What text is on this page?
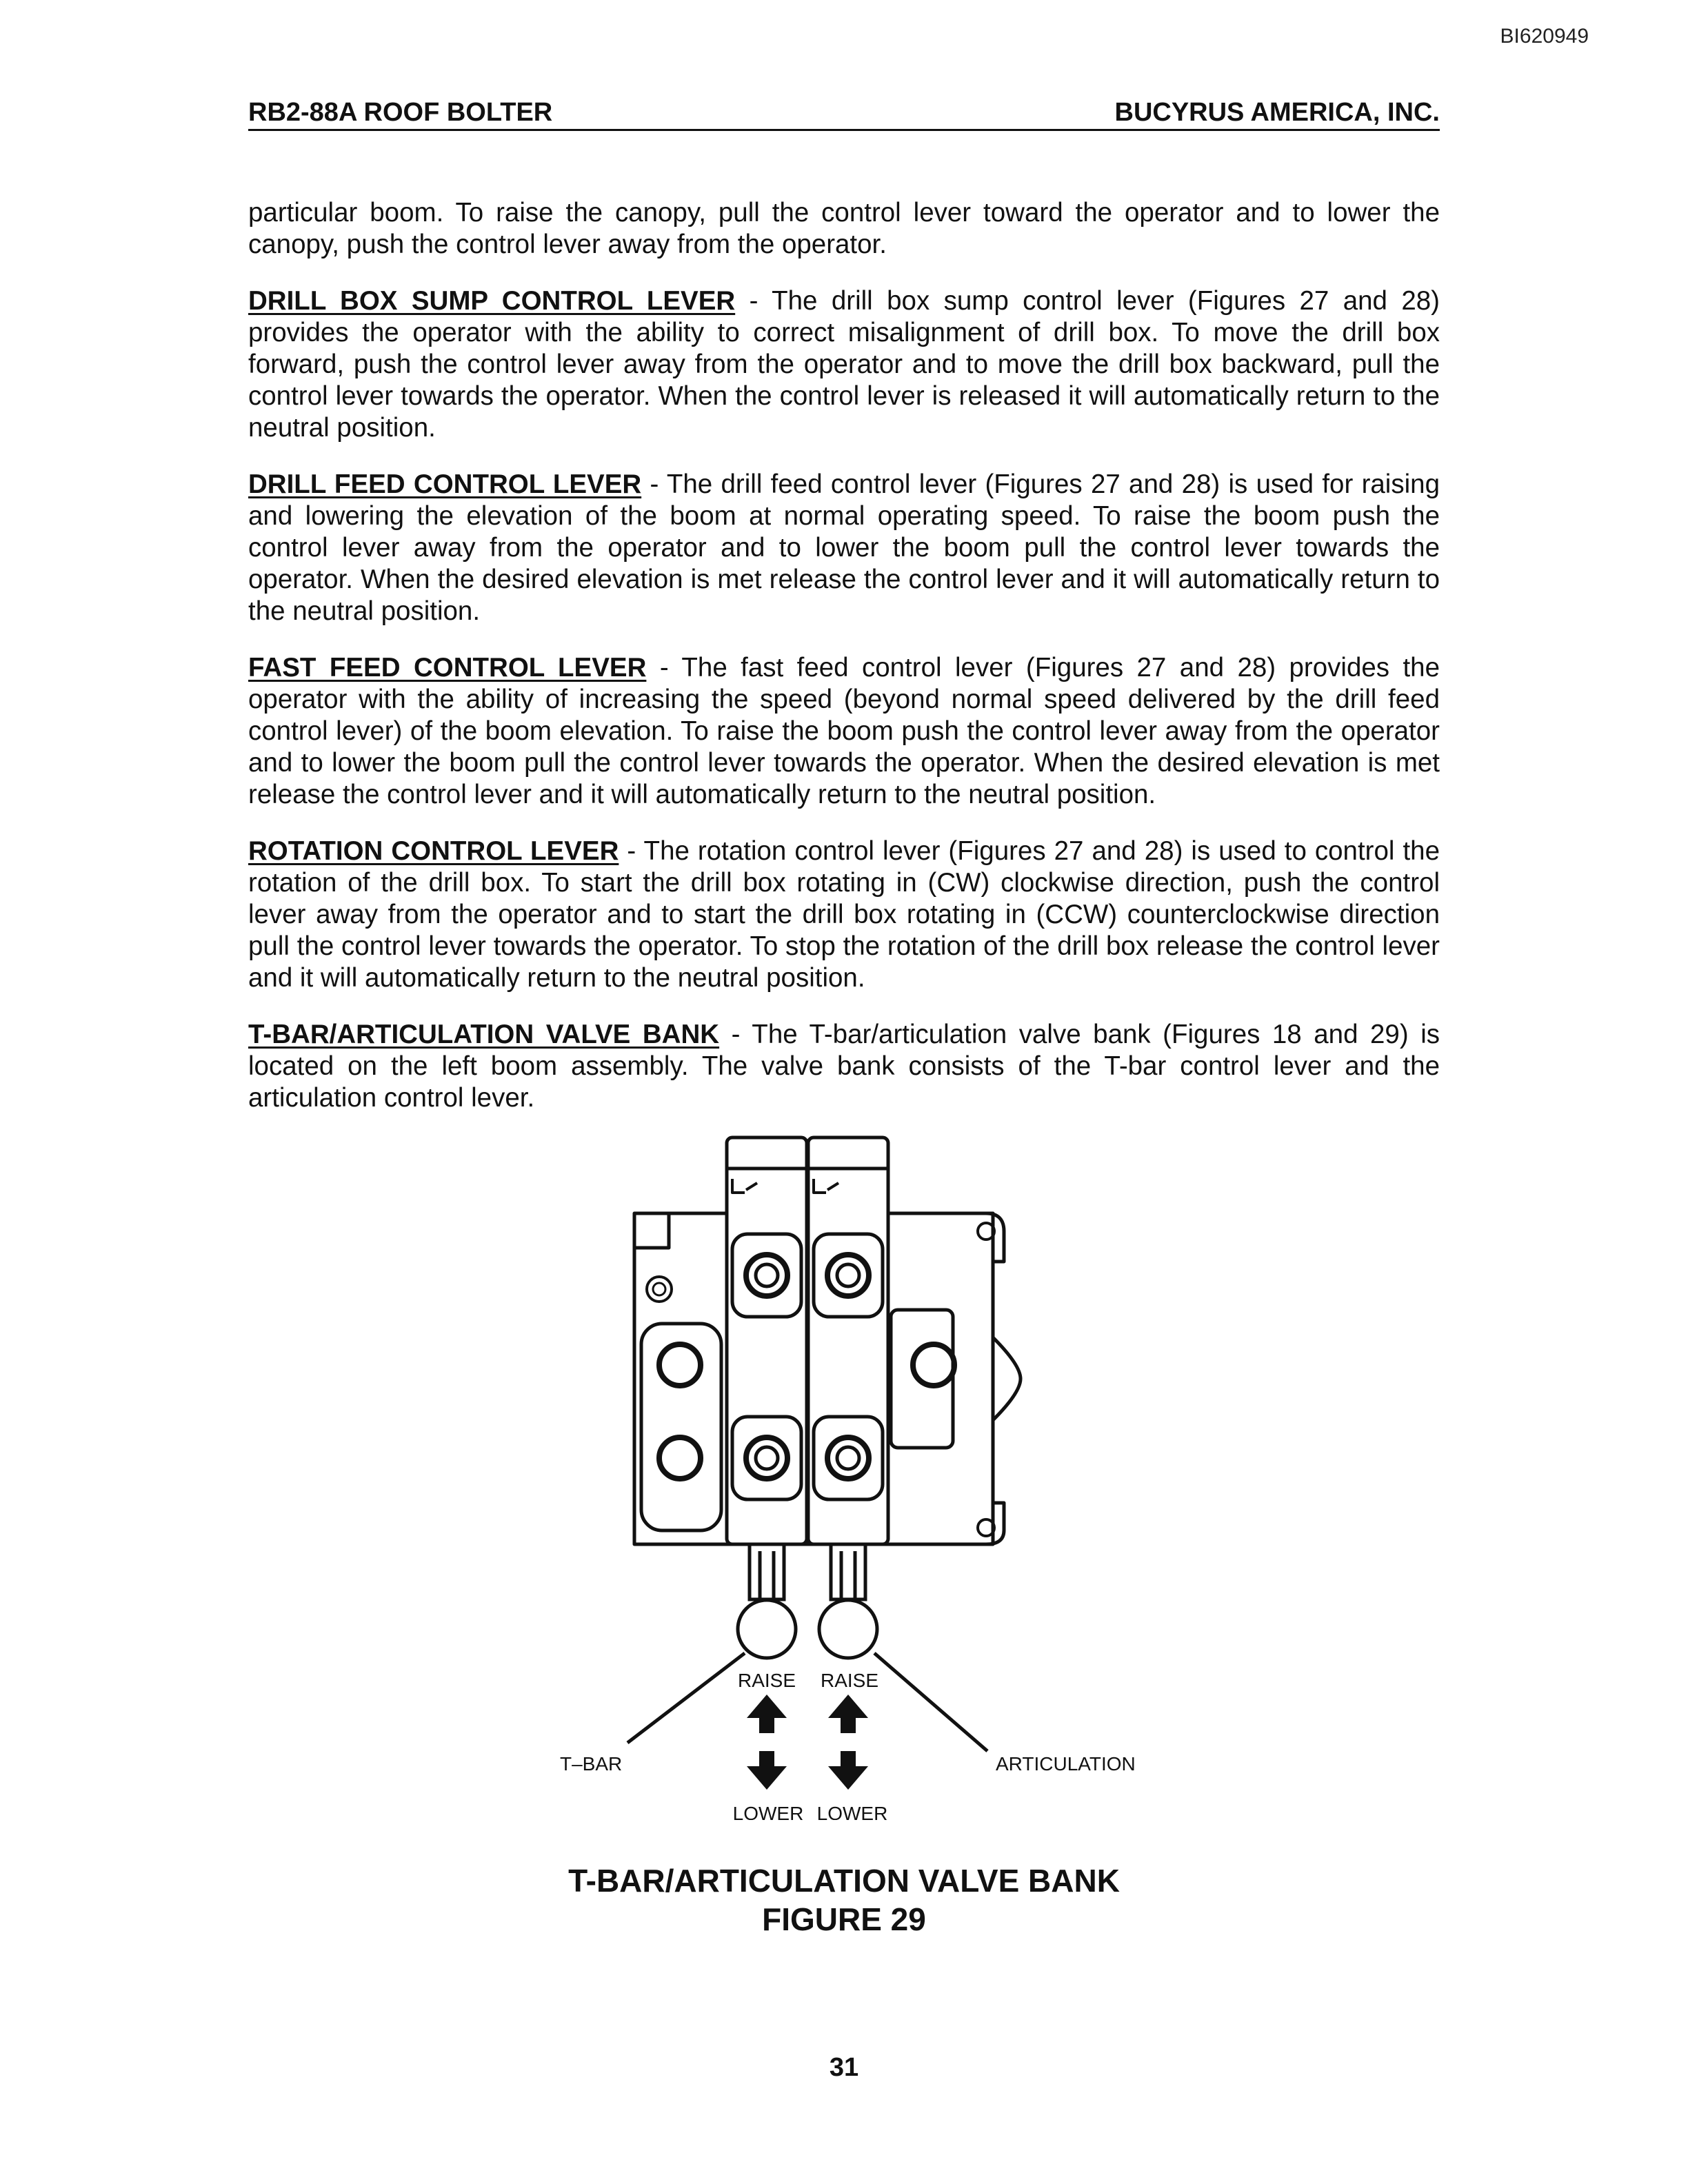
BI620949
RB2-88A ROOF BOLTER	BUCYRUS AMERICA, INC.

particular boom. To raise the canopy, pull the control lever toward the operator and to lower the canopy, push the control lever away from the operator.

DRILL BOX SUMP CONTROL LEVER - The drill box sump control lever (Figures 27 and 28) provides the operator with the ability to correct misalignment of drill box. To move the drill box forward, push the control lever away from the operator and to move the drill box backward, pull the control lever towards the operator. When the control lever is released it will automatically return to the neutral position.

DRILL FEED CONTROL LEVER - The drill feed control lever (Figures 27 and 28) is used for raising and lowering the elevation of the boom at normal operating speed. To raise the boom push the control lever away from the operator and to lower the boom pull the control lever towards the operator. When the desired elevation is met release the control lever and it will automatically return to the neutral position.

FAST FEED CONTROL LEVER - The fast feed control lever (Figures 27 and 28) provides the operator with the ability of increasing the speed (beyond normal speed delivered by the drill feed control lever) of the boom elevation. To raise the boom push the control lever away from the operator and to lower the boom pull the control lever towards the operator. When the desired elevation is met release the control lever and it will automatically return to the neutral position.

ROTATION CONTROL LEVER - The rotation control lever (Figures 27 and 28) is used to control the rotation of the drill box. To start the drill box rotating in (CW) clockwise direction, push the control lever away from the operator and to start the drill box rotating in (CCW) counterclockwise direction pull the control lever towards the operator. To stop the rotation of the drill box release the control lever and it will automatically return to the neutral position.

T-BAR/ARTICULATION VALVE BANK - The T-bar/articulation valve bank (Figures 18 and 29) is located on the left boom assembly. The valve bank consists of the T-bar control lever and the articulation control lever.

RAISE RAISE
LOWER LOWER
T–BAR	ARTICULATION
T-BAR/ARTICULATION VALVE BANK
FIGURE 29
31
